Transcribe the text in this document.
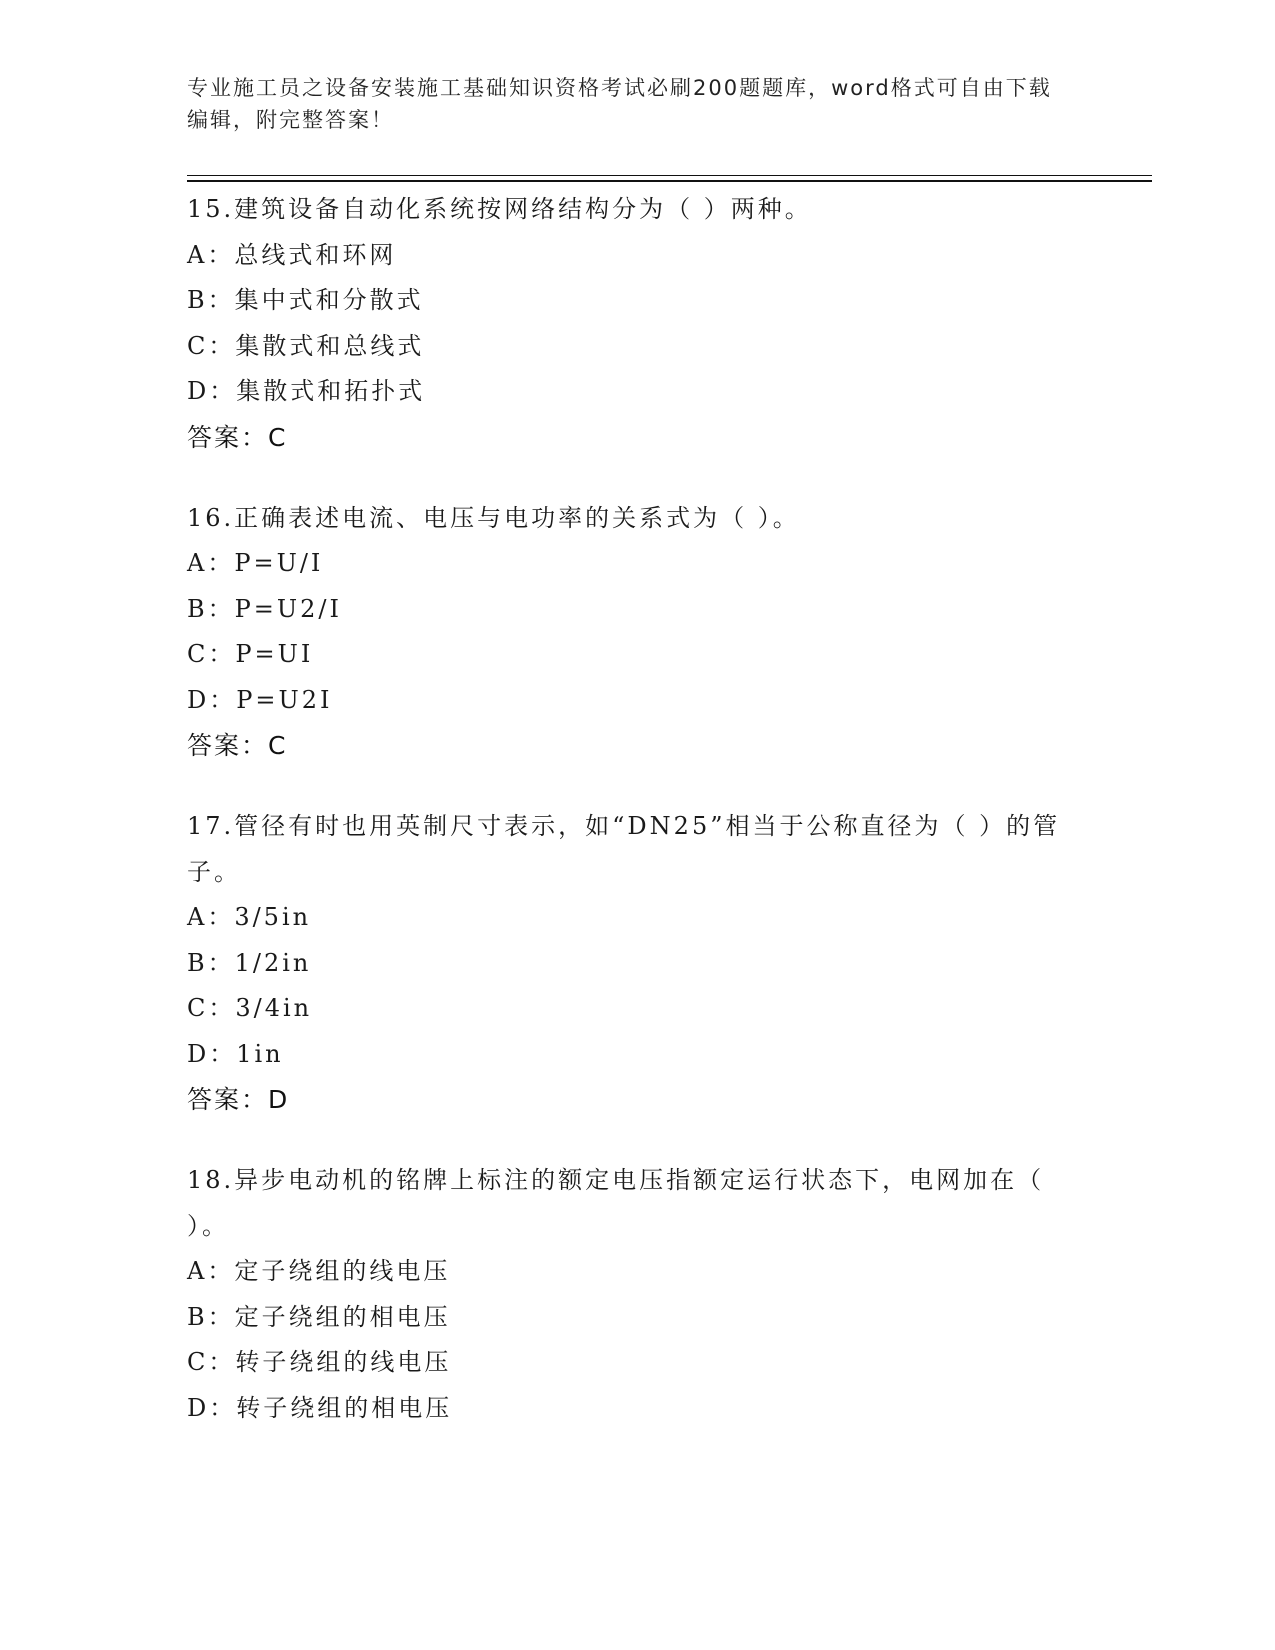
专业施工员之设备安装施工基础知识资格考试必刷200题题库，word格式可自由下载编辑，附完整答案！
15.建筑设备自动化系统按网络结构分为（ ）两种。
A：总线式和环网
B：集中式和分散式
C：集散式和总线式
D：集散式和拓扑式
答案：C
16.正确表述电流、电压与电功率的关系式为（ ）。
A：P=U/I
B：P=U2/I
C：P=UI
D：P=U2I
答案：C
17.管径有时也用英制尺寸表示，如“DN25”相当于公称直径为（ ）的管子。
A：3/5in
B：1/2in
C：3/4in
D：1in
答案：D
18.异步电动机的铭牌上标注的额定电压指额定运行状态下，电网加在（ ）。
A：定子绕组的线电压
B：定子绕组的相电压
C：转子绕组的线电压
D：转子绕组的相电压
